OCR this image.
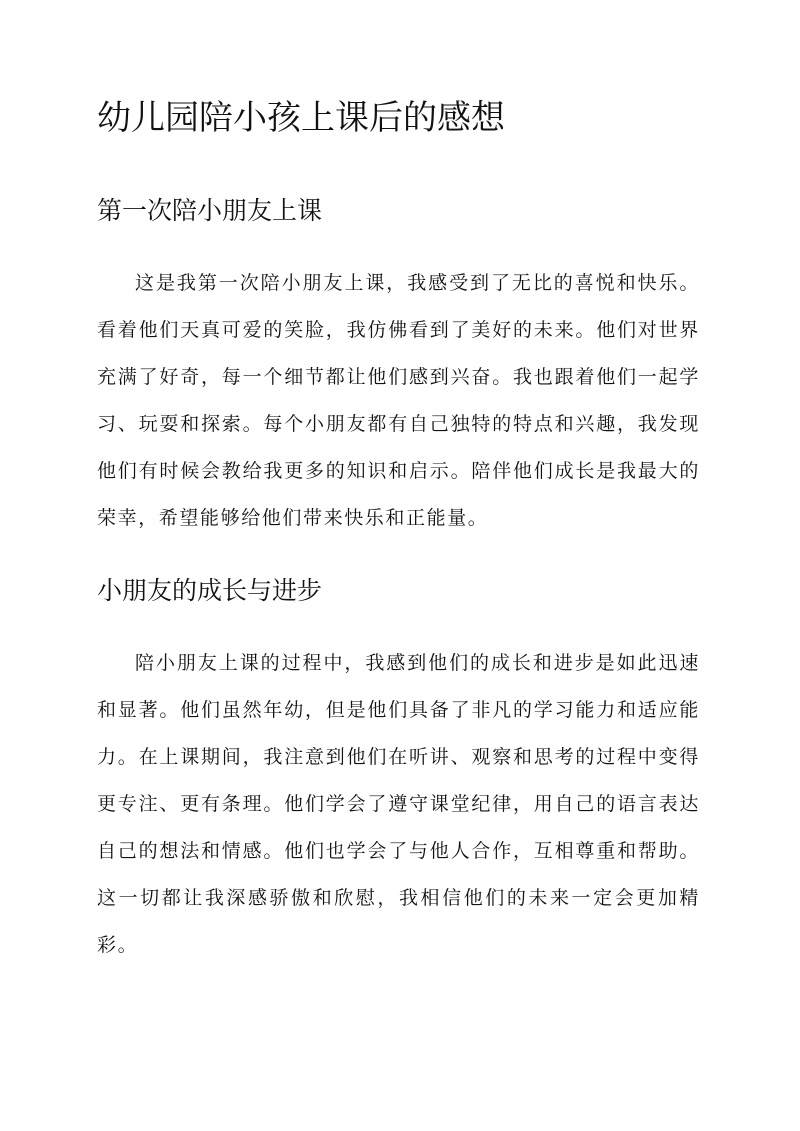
幼儿园陪小孩上课后的感想
第一次陪小朋友上课

这是我第一次陪小朋友上课，我感受到了无比的喜悦和快乐。看着他们天真可爱的笑脸，我仿佛看到了美好的未来。他们对世界充满了好奇，每一个细节都让他们感到兴奋。我也跟着他们一起学习、玩耍和探索。每个小朋友都有自己独特的特点和兴趣，我发现他们有时候会教给我更多的知识和启示。陪伴他们成长是我最大的荣幸，希望能够给他们带来快乐和正能量。

小朋友的成长与进步

陪小朋友上课的过程中，我感到他们的成长和进步是如此迅速和显著。他们虽然年幼，但是他们具备了非凡的学习能力和适应能力。在上课期间，我注意到他们在听讲、观察和思考的过程中变得更专注、更有条理。他们学会了遵守课堂纪律，用自己的语言表达自己的想法和情感。他们也学会了与他人合作，互相尊重和帮助。这一切都让我深感骄傲和欣慰，我相信他们的未来一定会更加精彩。
